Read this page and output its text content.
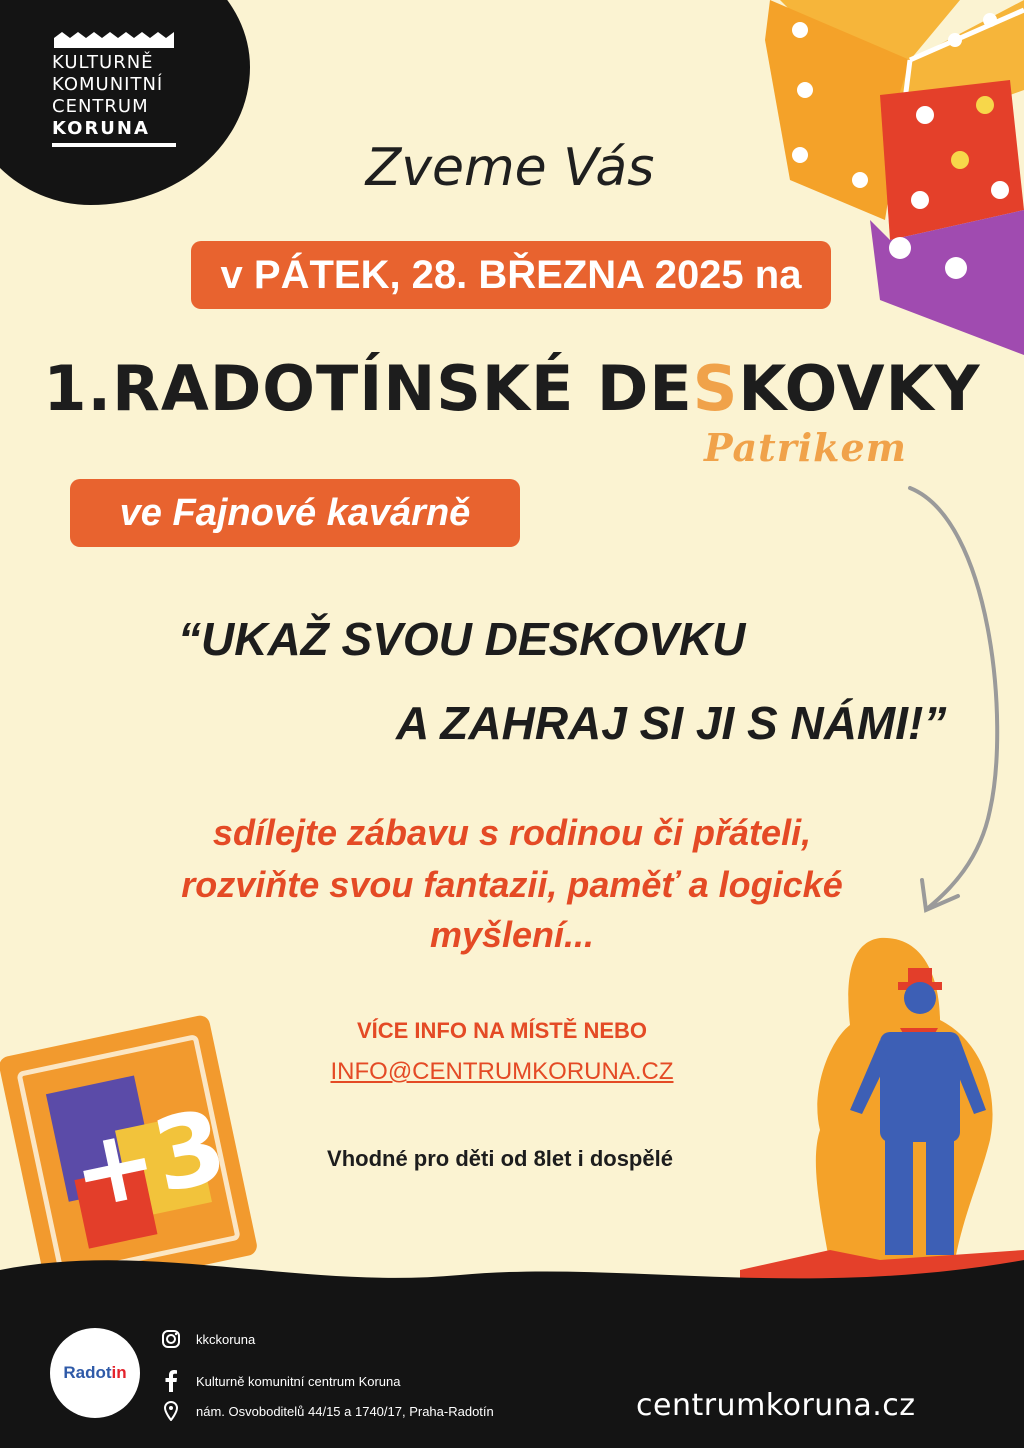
KULTURNĚ
KOMUNITNÍ
CENTRUM
KORUNA
Zveme Vás
v PÁTEK, 28. BŘEZNA 2025 na
1.RADOTÍNSKÉ DESKOVKY
Patrikem
ve Fajnové kavárně
“UKAŽ SVOU DESKOVKU
A ZAHRAJ SI JI S NÁMI!”
sdílejte zábavu s rodinou či přáteli,
rozviňte svou fantazii, paměť a logické
myšlení...
VÍCE INFO NA MÍSTĚ NEBO
INFO@CENTRUMKORUNA.CZ
Vhodné pro děti od 8let i dospělé
+3
Radotin
kkckoruna
Kulturně komunitní centrum Koruna
nám. Osvoboditelů 44/15 a 1740/17, Praha-Radotín	centrumkoruna.cz
